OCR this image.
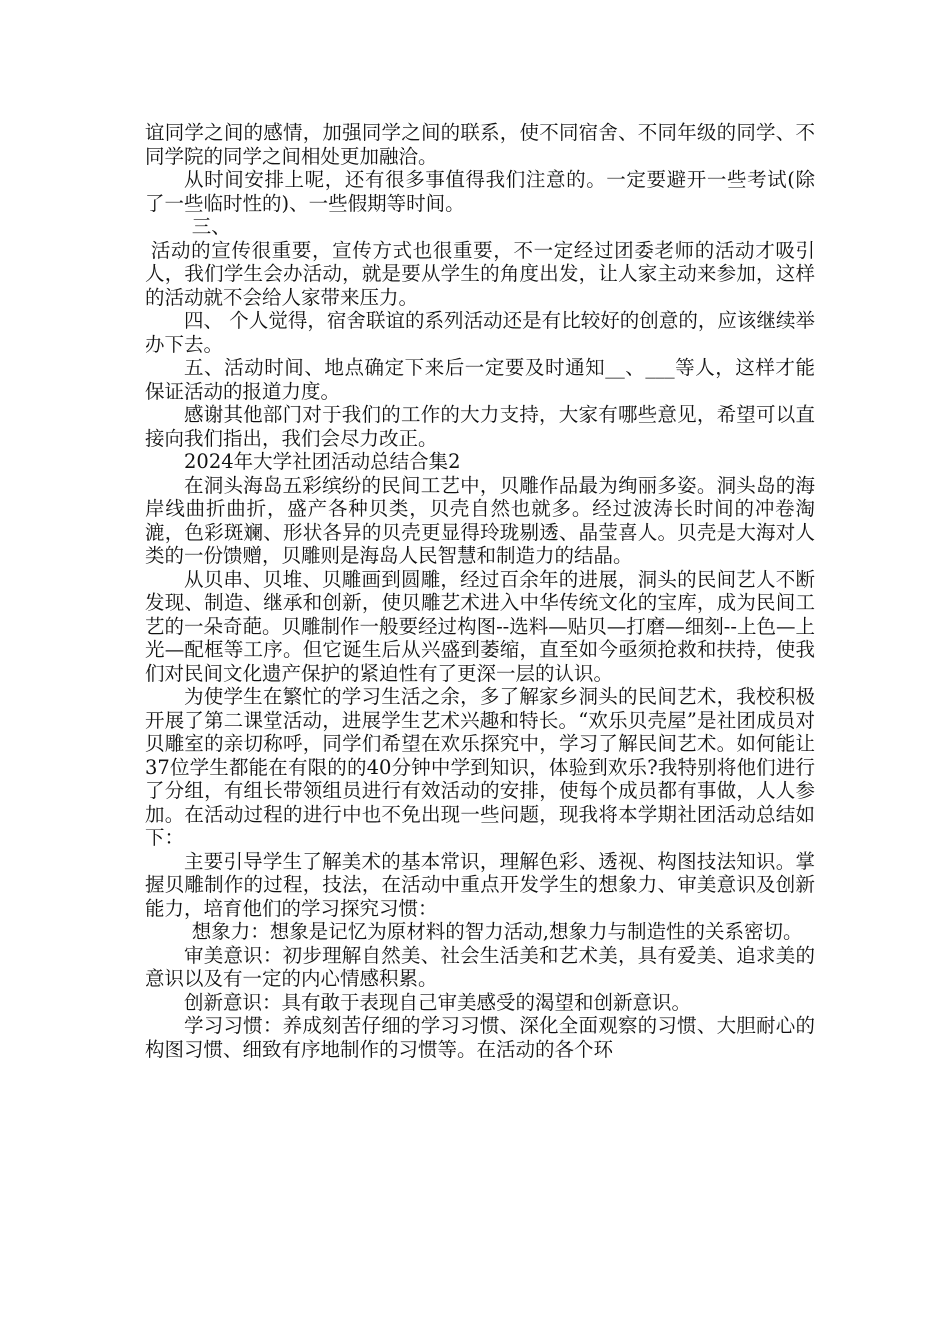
谊同学之间的感情，加强同学之间的联系，使不同宿舍、不同年级的同学、不同学院的同学之间相处更加融洽。

从时间安排上呢，还有很多事值得我们注意的。一定要避开一些考试(除了一些临时性的)、一些假期等时间。

三、

活动的宣传很重要，宣传方式也很重要，不一定经过团委老师的活动才吸引人，我们学生会办活动，就是要从学生的角度出发，让人家主动来参加，这样的活动就不会给人家带来压力。

四、 个人觉得，宿舍联谊的系列活动还是有比较好的创意的，应该继续举办下去。

五、活动时间、地点确定下来后一定要及时通知__、___等人，这样才能保证活动的报道力度。

感谢其他部门对于我们的工作的大力支持，大家有哪些意见，希望可以直接向我们指出，我们会尽力改正。

2024年大学社团活动总结合集2

在洞头海岛五彩缤纷的民间工艺中，贝雕作品最为绚丽多姿。洞头岛的海岸线曲折曲折，盛产各种贝类，贝壳自然也就多。经过波涛长时间的冲卷淘漉，色彩斑斓、形状各异的贝壳更显得玲珑剔透、晶莹喜人。贝壳是大海对人类的一份馈赠，贝雕则是海岛人民智慧和制造力的结晶。

从贝串、贝堆、贝雕画到圆雕，经过百余年的进展，洞头的民间艺人不断发现、制造、继承和创新，使贝雕艺术进入中华传统文化的宝库，成为民间工艺的一朵奇葩。贝雕制作一般要经过构图--选料—贴贝—打磨—细刻--上色—上光—配框等工序。但它诞生后从兴盛到萎缩，直至如今亟须抢救和扶持，使我们对民间文化遗产保护的紧迫性有了更深一层的认识。

为使学生在繁忙的学习生活之余，多了解家乡洞头的民间艺术，我校积极开展了第二课堂活动，进展学生艺术兴趣和特长。“欢乐贝壳屋”是社团成员对贝雕室的亲切称呼，同学们希望在欢乐探究中，学习了解民间艺术。如何能让37位学生都能在有限的的40分钟中学到知识，体验到欢乐?我特别将他们进行了分组，有组长带领组员进行有效活动的安排，使每个成员都有事做，人人参加。在活动过程的进行中也不免出现一些问题，现我将本学期社团活动总结如下：

主要引导学生了解美术的基本常识，理解色彩、透视、构图技法知识。掌握贝雕制作的过程，技法，在活动中重点开发学生的想象力、审美意识及创新能力，培育他们的学习探究习惯：

想象力：想象是记忆为原材料的智力活动,想象力与制造性的关系密切。

审美意识：初步理解自然美、社会生活美和艺术美，具有爱美、追求美的意识以及有一定的内心情感积累。

创新意识：具有敢于表现自己审美感受的渴望和创新意识。

学习习惯：养成刻苦仔细的学习习惯、深化全面观察的习惯、大胆耐心的构图习惯、细致有序地制作的习惯等。在活动的各个环
